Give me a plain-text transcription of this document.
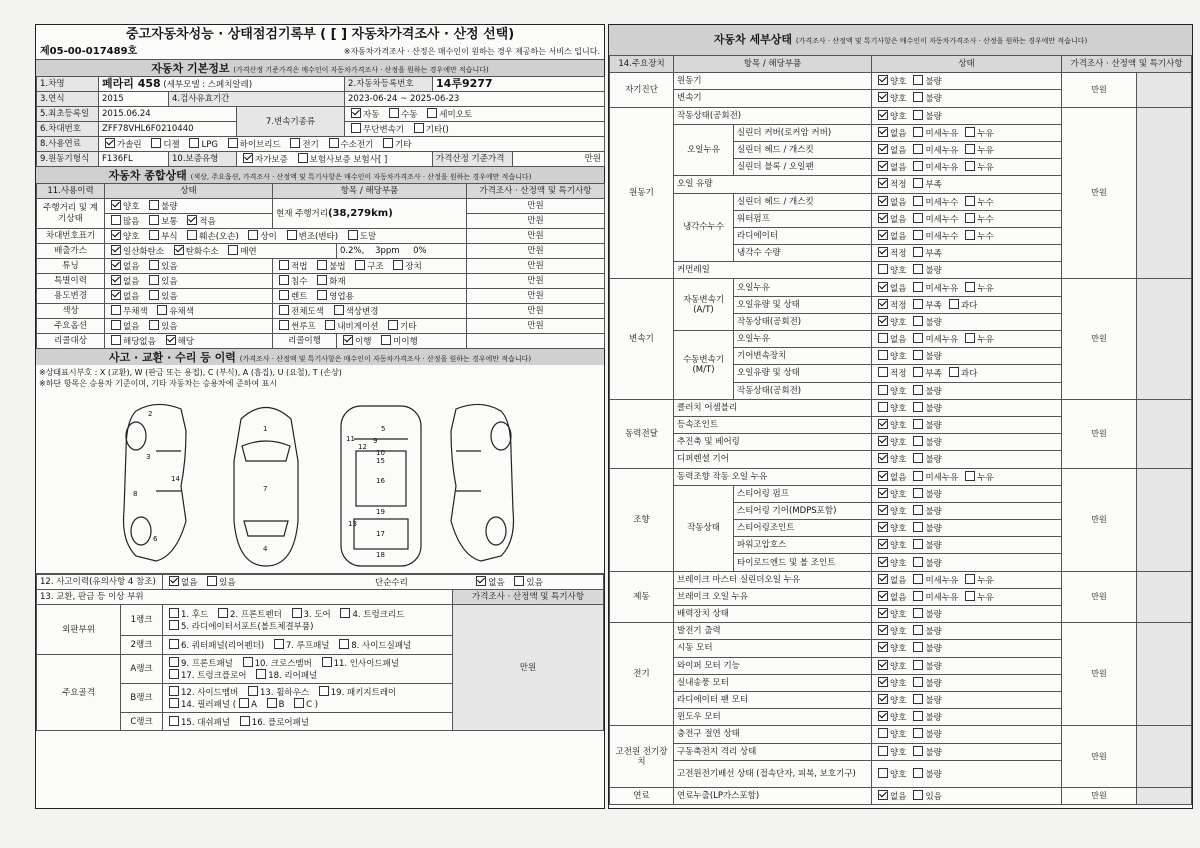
중고자동차성능 · 상태점검기록부 ( [ ] 자동차가격조사 · 산정 선택)
제05-00-017489호	※자동차가격조사 · 산정은 매수인이 원하는 경우 제공하는 서비스 입니다.
자동차 기본정보 (가격산정 기준가격은 매수인이 자동차가격조사 · 산정을 원하는 경우에만 적습니다)
1.차명	페라리 458 (세부모델 : 스페치알레)			2.자동차등록번호	14루9277	
3.연식	2015	4.검사유효기간		2023-06-24 ~ 2025-06-23		
5.최초등록일	2015.06.24		7.변속기종류	자동 수동 세미오토		
6.차대번호	ZFF78VHL6F0210440			무단변속기 기타()		
8.사용연료	가솔린 디젤 LPG 하이브리드 전기 수소전기 기타					
9.원동기형식	F136FL	10.보증유형	자가보증 보험사보증 보험사[ ]		가격산정 기준가격	만원
자동차 종합상태 (색상, 주요옵션, 가격조사 · 산정액 및 특기사항은 매수인이 자동차가격조사 · 산정을 원하는 경우에만 적습니다)
11.사용이력	상태	항목 / 해당부품		가격조사 · 산정액 및 특기사항
주행거리 및 계기상태	양호 불량	현재 주행거리(38,279km)		만원
	많음 보통 적음			만원
차대번호표기	양호 부식 훼손(오손) 상이 변조(변타) 도말			만원
배출가스	일산화탄소 탄화수소 매연		0.2%, 3ppm 0%	만원
튜닝	없음 있음	적법 불법 구조 장치		만원
특별이력	없음 있음	침수 화재		만원
용도변경	없음 있음	렌트 영업용		만원
색상	무채색 유채색	전체도색 색상변경		만원
주요옵션	없음 있음	썬루프 내비게이션 기타		만원
리콜대상	해당없음 해당	리콜이행	이행 미이행	
사고 · 교환 · 수리 등 이력 (가격조사 · 산정액 및 특기사항은 매수인이 자동차가격조사 · 산정을 원하는 경우에만 적습니다)
※상태표시부호 : X (교환), W (판금 또는 용접), C (부식), A (흠집), U (요철), T (손상)
※하단 항목은 승용차 기준이며, 기타 자동차는 승용차에 준하여 표시
2
3
14
8
6
1
7
4
5
11
12
9
10
15
16
13
19
17
18
12. 사고이력(유의사항 4 참조)		없음 있음 단순수리 없음 있음	
13. 교환, 판금 등 이상 부위			가격조사 · 산정액 및 특기사항
외판부위	1랭크	1. 후드 2. 프론트펜더 3. 도어 4. 트렁크리드
5. 라디에이터서포트(볼트체결부품)	만원
	2랭크	6. 쿼터패널(리어펜더) 7. 루프패널 8. 사이드실패널	
주요골격	A랭크	9. 프론트패널 10. 크로스멤버 11. 인사이드패널
17. 트렁크플로어 18. 리어패널	

	B랭크	12. 사이드멤버 13. 휠하우스 19. 패키지트레이
14. 필러패널 ( A B C )	

	C랭크	15. 대쉬패널 16. 플로어패널	
자동차 세부상태 (가격조사 · 산정액 및 특기사항은 매수인이 자동차가격조사 · 산정을 원하는 경우에만 적습니다)
14.주요장치	항목 / 해당부품		상태	가격조사 · 산정액 및 특기사항	
자기진단	원동기		양호 불량	만원	
	변속기		양호 불량		
원동기	작동상태(공회전)		양호 불량	만원	
	오일누유	실린더 커버(로커암 커버)	없음 미세누유 누유		
		실린더 헤드 / 개스킷	없음 미세누유 누유		
		실린더 블록 / 오일팬	없음 미세누유 누유		
	오일 유량		적정 부족		
	냉각수누수	실린더 헤드 / 개스킷	없음 미세누수 누수		
		워터펌프	없음 미세누수 누수		
		라디에이터	없음 미세누수 누수		
		냉각수 수량	적정 부족		
	커먼레일		양호 불량		
변속기	자동변속기 (A/T)	오일누유	없음 미세누유 누유	만원	
		오일유량 및 상태	적정 부족 과다		
		작동상태(공회전)	양호 불량		
	수동변속기 (M/T)	오일누유	없음 미세누유 누유		
		기어변속장치	양호 불량		
		오일유량 및 상태	적정 부족 과다		
		작동상태(공회전)	양호 불량		
동력전달	클러치 어셈블리		양호 불량	만원	
	등속조인트		양호 불량		
	추진축 및 베어링		양호 불량		
	디퍼렌셜 기어		양호 불량		
조향	동력조향 작동 오일 누유		없음 미세누유 누유	만원	
	작동상태	스티어링 펌프	양호 불량		
		스티어링 기어(MDPS포함)	양호 불량		
		스티어링조인트	양호 불량		
		파워고압호스	양호 불량		
		타이로드엔드 및 볼 조인트	양호 불량		
제동	브레이크 마스터 실린더오일 누유		없음 미세누유 누유	만원	
	브레이크 오일 누유		없음 미세누유 누유		
	배력장치 상태		양호 불량		
전기	발전기 출력		양호 불량	만원	
	시동 모터		양호 불량		
	와이퍼 모터 기능		양호 불량		
	실내송풍 모터		양호 불량		
	라디에이터 팬 모터		양호 불량		
	윈도우 모터		양호 불량		
고전원 전기장치	충전구 절연 상태		양호 불량	만원	
	구동축전지 격리 상태		양호 불량		
	고전원전기배선 상태 (접속단자, 피복, 보호기구)		양호 불량		
연료	연료누출(LP가스포함)		없음 있음	만원	
